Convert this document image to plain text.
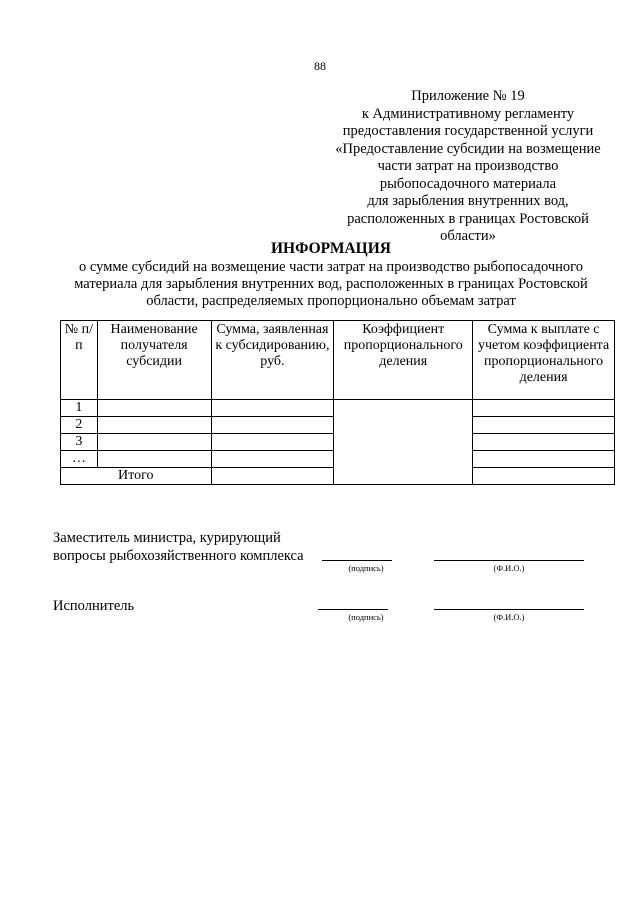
88
Приложение № 19
к Административному регламенту
предоставления государственной услуги
«Предоставление субсидии на возмещение
части затрат на производство
рыбопосадочного материала
для зарыбления внутренних вод,
расположенных в границах Ростовской
области»
ИНФОРМАЦИЯ
о сумме субсидий на возмещение части затрат на производство рыбопосадочного
материала для зарыбления внутренних вод, расположенных в границах Ростовской
области, распределяемых пропорционально объемам затрат
№ п/п	Наименование получателя субсидии	Сумма, заявленная к субсидированию, руб.	Коэффициент пропорционального деления	Сумма к выплате с учетом коэффициента пропорционального деления
1				
2				
3				
…				
Итого				
Заместитель министра, курирующий
вопросы рыбохозяйственного комплекса
(подпись)	(Ф.И.О.)
Исполнитель
(подпись)	(Ф.И.О.)
